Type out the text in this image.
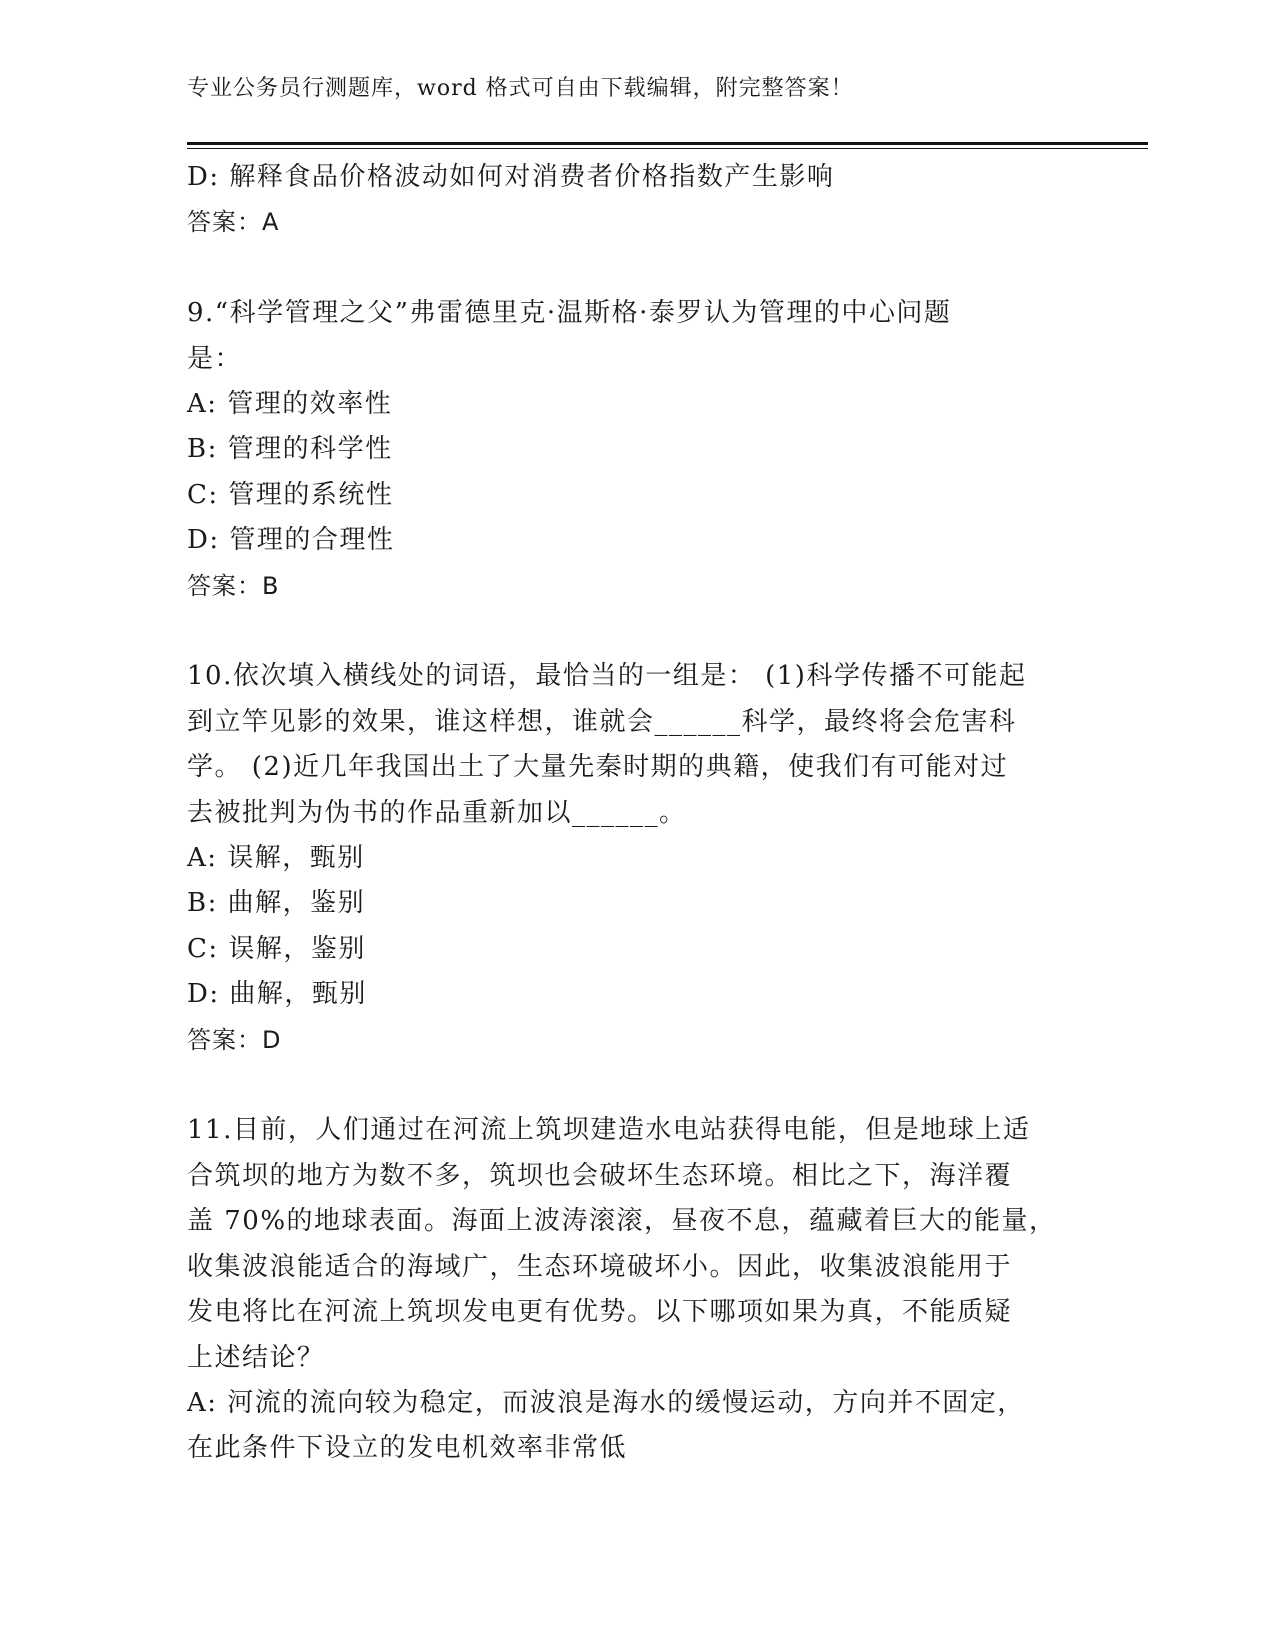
专业公务员行测题库，word 格式可自由下载编辑，附完整答案！
D: 解释食品价格波动如何对消费者价格指数产生影响
答案：A
9.“科学管理之父”弗雷德里克·温斯格·泰罗认为管理的中心问题
是：
A: 管理的效率性
B: 管理的科学性
C: 管理的系统性
D: 管理的合理性
答案：B
10.依次填入横线处的词语，最恰当的一组是： (1)科学传播不可能起
到立竿见影的效果，谁这样想，谁就会______科学，最终将会危害科
学。 (2)近几年我国出土了大量先秦时期的典籍，使我们有可能对过
去被批判为伪书的作品重新加以______。
A: 误解，甄别
B: 曲解，鉴别
C: 误解，鉴别
D: 曲解，甄别
答案：D
11.目前，人们通过在河流上筑坝建造水电站获得电能，但是地球上适
合筑坝的地方为数不多，筑坝也会破坏生态环境。相比之下，海洋覆
盖 70%的地球表面。海面上波涛滚滚，昼夜不息，蕴藏着巨大的能量，
收集波浪能适合的海域广，生态环境破坏小。因此，收集波浪能用于
发电将比在河流上筑坝发电更有优势。以下哪项如果为真，不能质疑
上述结论？
A: 河流的流向较为稳定，而波浪是海水的缓慢运动，方向并不固定，
在此条件下设立的发电机效率非常低
